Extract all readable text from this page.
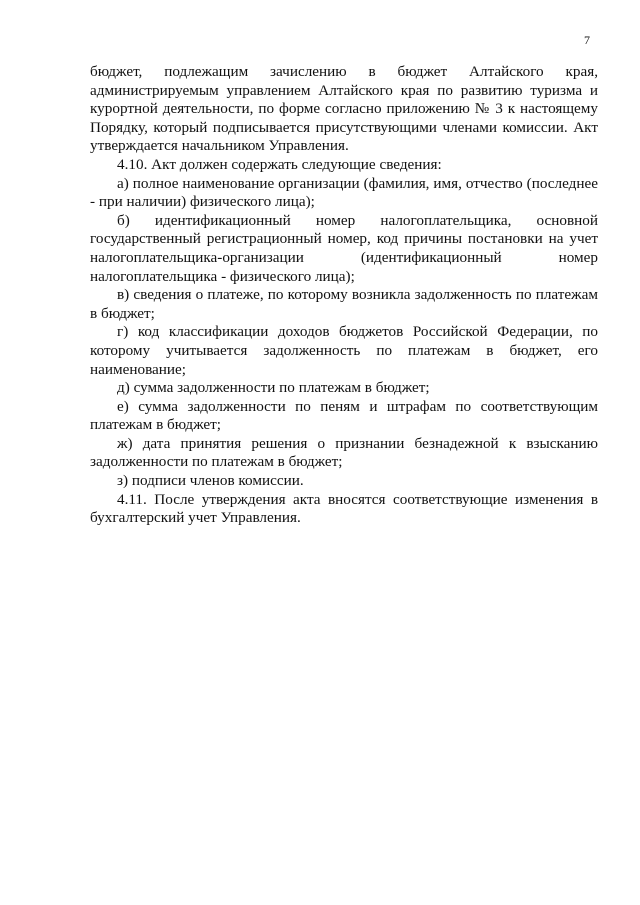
7

бюджет, подлежащим зачислению в бюджет Алтайского края, администрируемым управлением Алтайского края по развитию туризма и курортной деятельности, по форме согласно приложению № 3 к настоящему Порядку, который подписывается присутствующими членами комиссии. Акт утверждается начальником Управления.

4.10. Акт должен содержать следующие сведения:

а) полное наименование организации (фамилия, имя, отчество (последнее - при наличии) физического лица);

б) идентификационный номер налогоплательщика, основной государственный регистрационный номер, код причины постановки на учет налогоплательщика-организации (идентификационный номер налогоплательщика - физического лица);

в) сведения о платеже, по которому возникла задолженность по платежам в бюджет;

г) код классификации доходов бюджетов Российской Федерации, по которому учитывается задолженность по платежам в бюджет, его наименование;

д) сумма задолженности по платежам в бюджет;

е) сумма задолженности по пеням и штрафам по соответствующим платежам в бюджет;

ж) дата принятия решения о признании безнадежной к взысканию задолженности по платежам в бюджет;

з) подписи членов комиссии.

4.11. После утверждения акта вносятся соответствующие изменения в бухгалтерский учет Управления.
